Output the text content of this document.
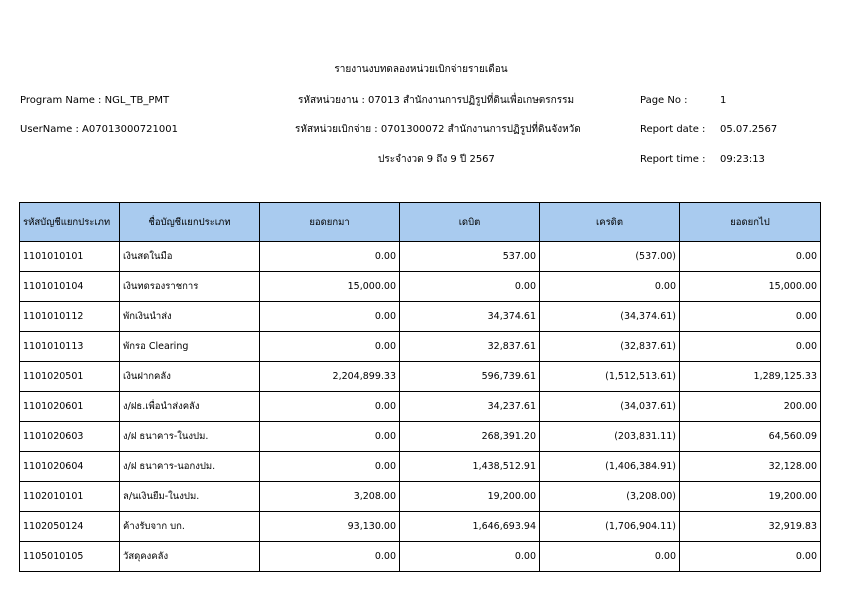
รายงานงบทดลองหน่วยเบิกจ่ายรายเดือน
Program Name : NGL_TB_PMT
UserName : A07013000721001
รหัสหน่วยงาน : 07013 สำนักงานการปฏิรูปที่ดินเพื่อเกษตรกรรม
รหัสหน่วยเบิกจ่าย : 0701300072 สำนักงานการปฏิรูปที่ดินจังหวัด
ประจำงวด 9 ถึง 9 ปี 2567
Page No :	1
Report date : 05.07.2567
Report time : 09:23:13
รหัสบัญชีแยกประเภท	ชื่อบัญชีแยกประเภท	ยอดยกมา	เดบิต	เครดิต	ยอดยกไป
1101010101	เงินสดในมือ	0.00	537.00	(537.00)	0.00
1101010104	เงินทดรองราชการ	15,000.00	0.00	0.00	15,000.00
1101010112	พักเงินนำส่ง	0.00	34,374.61	(34,374.61)	0.00
1101010113	พักรอ Clearing	0.00	32,837.61	(32,837.61)	0.00
1101020501	เงินฝากคลัง	2,204,899.33	596,739.61	(1,512,513.61)	1,289,125.33
1101020601	ง/ฝธ.เพื่อนำส่งคลัง	0.00	34,237.61	(34,037.61)	200.00
1101020603	ง/ฝ ธนาคาร-ในงปม.	0.00	268,391.20	(203,831.11)	64,560.09
1101020604	ง/ฝ ธนาคาร-นอกงปม.	0.00	1,438,512.91	(1,406,384.91)	32,128.00
1102010101	ล/นเงินยืม-ในงปม.	3,208.00	19,200.00	(3,208.00)	19,200.00
1102050124	ค้างรับจาก บก.	93,130.00	1,646,693.94	(1,706,904.11)	32,919.83
1105010105	วัสดุคงคลัง	0.00	0.00	0.00	0.00
